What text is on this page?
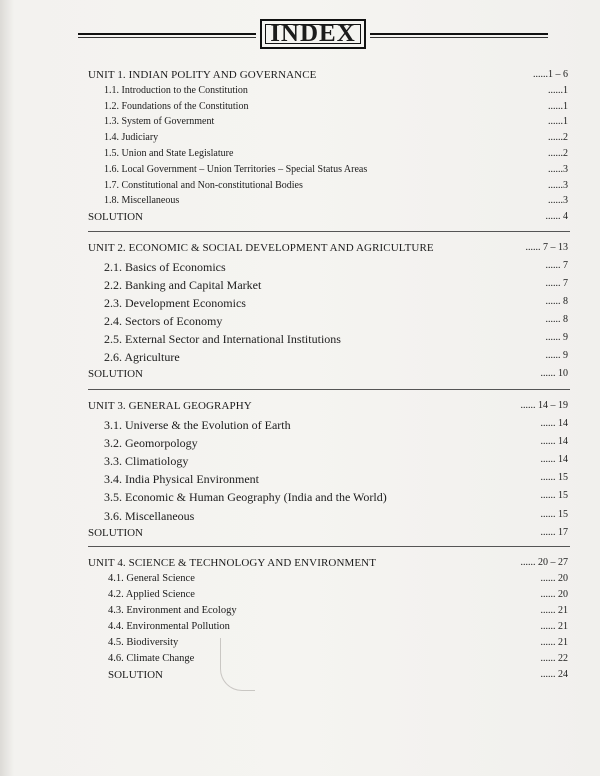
INDEX
UNIT 1. INDIAN POLITY AND GOVERNANCE	......1 – 6
1.1. Introduction to the Constitution	......1
1.2. Foundations of the Constitution	......1
1.3. System of Government	......1
1.4. Judiciary	......2
1.5. Union and State Legislature	......2
1.6. Local Government – Union Territories – Special Status Areas	......3
1.7. Constitutional and Non-constitutional Bodies	......3
1.8. Miscellaneous	......3
SOLUTION	...... 4
UNIT 2. ECONOMIC & SOCIAL DEVELOPMENT AND AGRICULTURE	...... 7 – 13
2.1. Basics of Economics	...... 7
2.2. Banking and Capital Market	...... 7
2.3. Development Economics	...... 8
2.4. Sectors of Economy	...... 8
2.5. External Sector and International Institutions	...... 9
2.6. Agriculture	...... 9
SOLUTION	...... 10
UNIT 3. GENERAL GEOGRAPHY	...... 14 – 19
3.1. Universe & the Evolution of Earth	...... 14
3.2. Geomorpology	...... 14
3.3. Climatiology	...... 14
3.4. India Physical Environment	...... 15
3.5. Economic & Human Geography (India and the World)	...... 15
3.6. Miscellaneous	...... 15
SOLUTION	...... 17
UNIT 4. SCIENCE & TECHNOLOGY AND ENVIRONMENT	...... 20 – 27
4.1. General Science	...... 20
4.2. Applied Science	...... 20
4.3. Environment and Ecology	...... 21
4.4. Environmental Pollution	...... 21
4.5. Biodiversity	...... 21
4.6. Climate Change	...... 22
SOLUTION	...... 24
